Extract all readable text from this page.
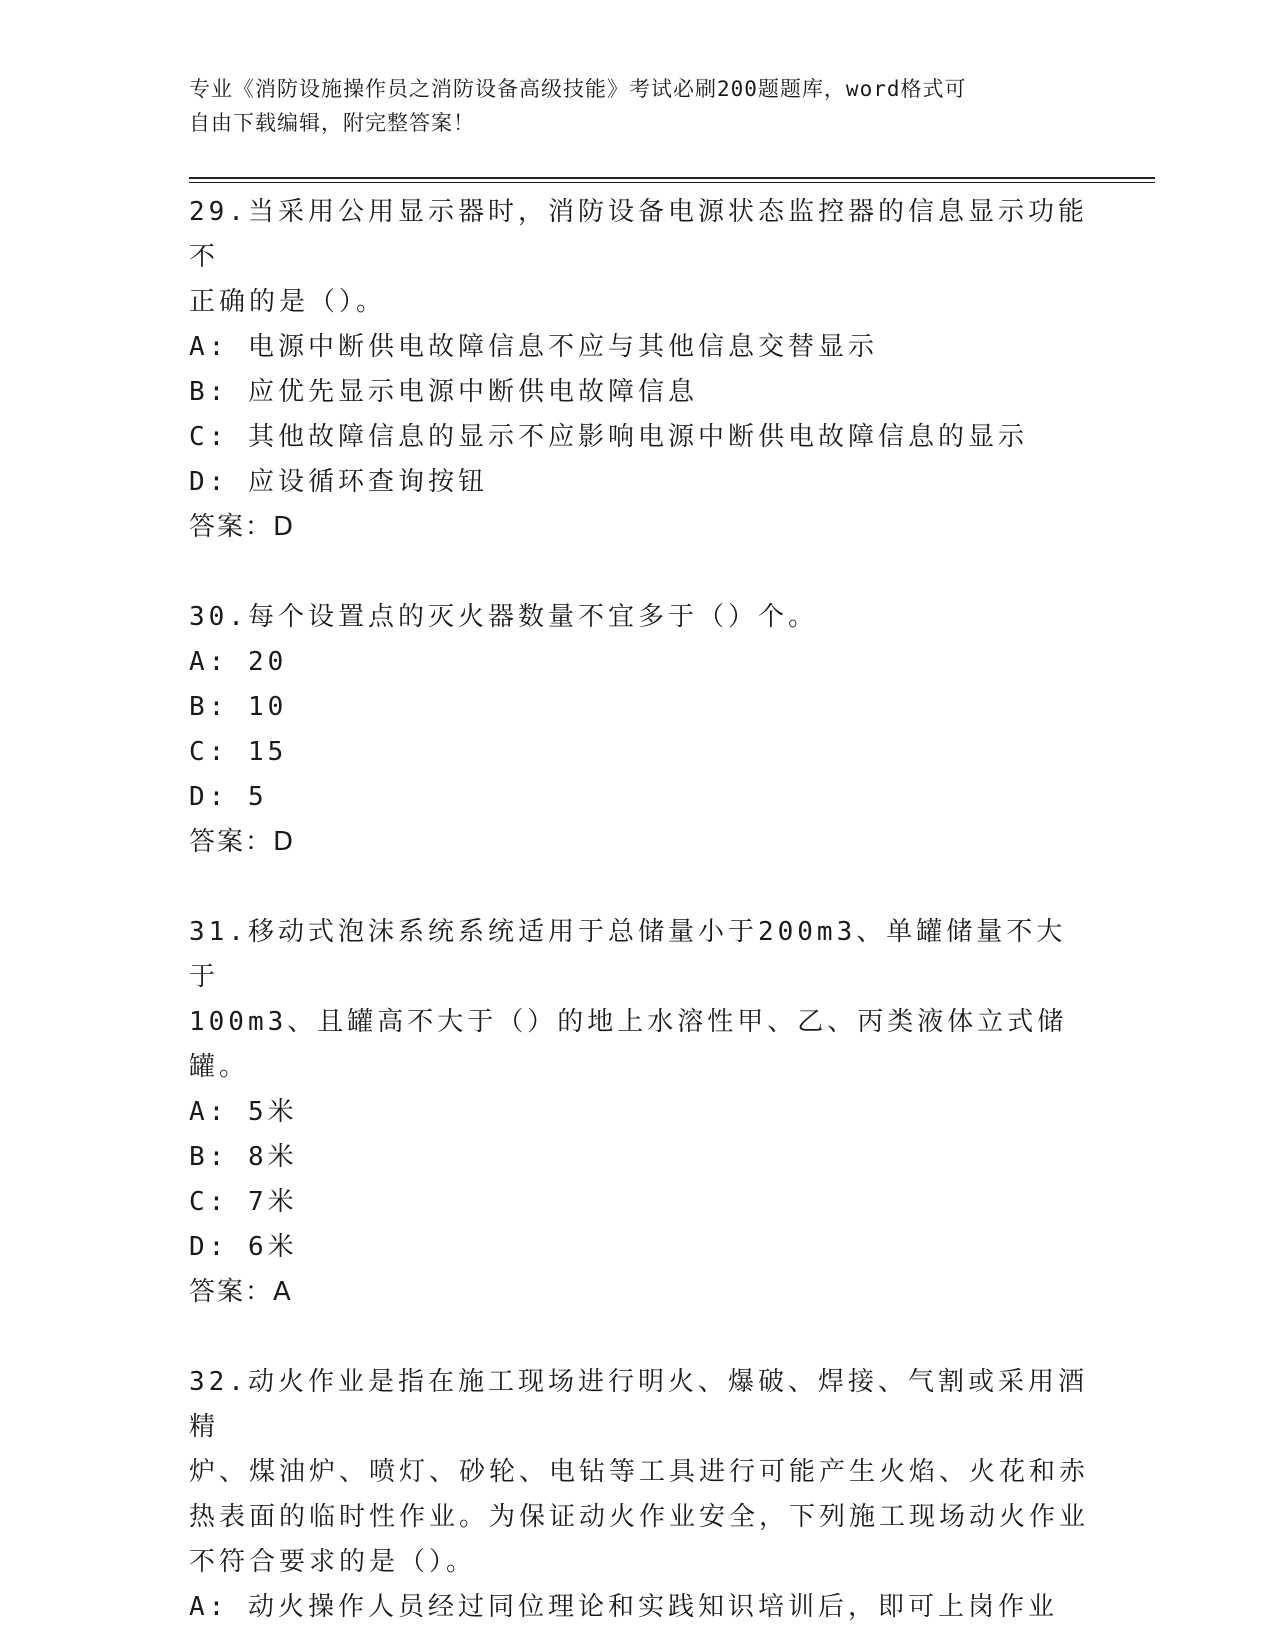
专业《消防设施操作员之消防设备高级技能》考试必刷200题题库，word格式可
自由下载编辑，附完整答案！

29.当采用公用显示器时，消防设备电源状态监控器的信息显示功能不

正确的是（）。

A: 电源中断供电故障信息不应与其他信息交替显示

B: 应优先显示电源中断供电故障信息

C: 其他故障信息的显示不应影响电源中断供电故障信息的显示

D: 应设循环查询按钮

答案：D

30.每个设置点的灭火器数量不宜多于（）个。

A: 20

B: 10

C: 15

D: 5

答案：D

31.移动式泡沫系统系统适用于总储量小于200m3、单罐储量不大于

100m3、且罐高不大于（）的地上水溶性甲、乙、丙类液体立式储罐。

A: 5米

B: 8米

C: 7米

D: 6米

答案：A

32.动火作业是指在施工现场进行明火、爆破、焊接、气割或采用酒精

炉、煤油炉、喷灯、砂轮、电钻等工具进行可能产生火焰、火花和赤

热表面的临时性作业。为保证动火作业安全，下列施工现场动火作业

不符合要求的是（）。

A: 动火操作人员经过同位理论和实践知识培训后，即可上岗作业
